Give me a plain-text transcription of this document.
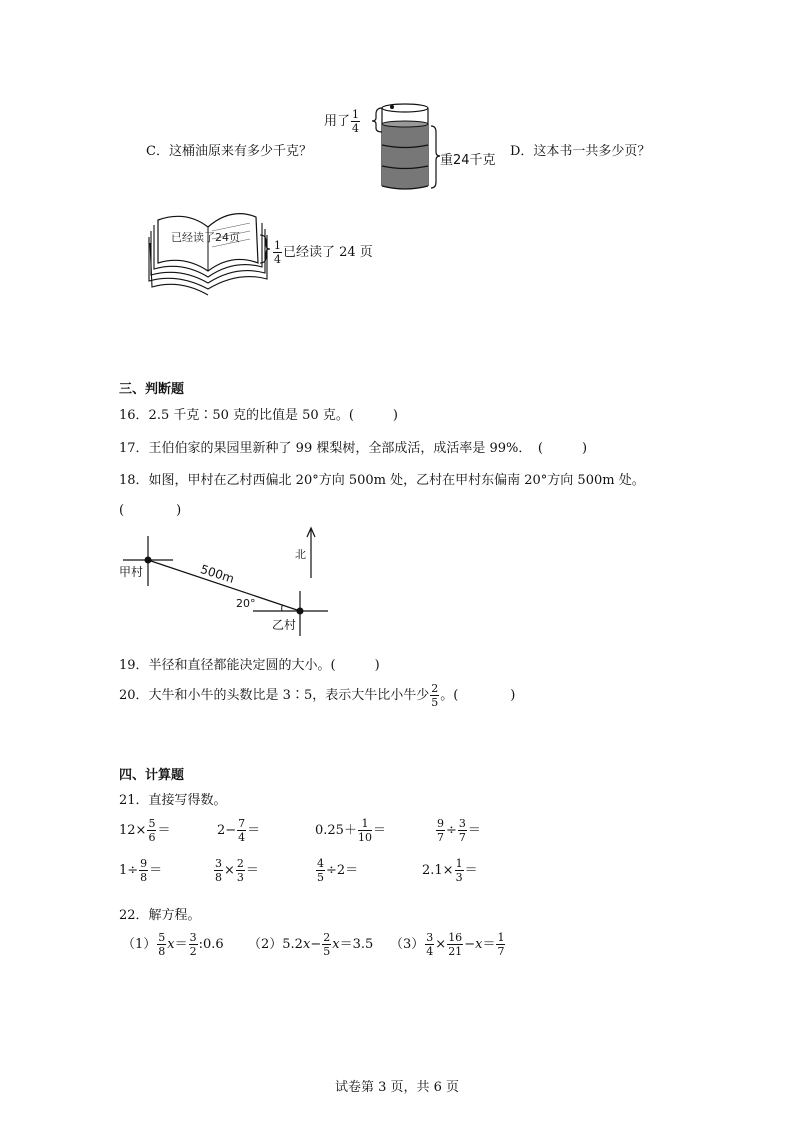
C．这桶油原来有多少千克？	D．这本书一共多少页？
用了 $\frac{1}{4}$
重24千克
已经读了24页
$\frac{1}{4}$ 已经读了 24 页
三、判断题
16．2.5 千克∶50 克的比值是 50 克。(　　　)
17．王伯伯家的果园里新种了 99 棵梨树，全部成活，成活率是 99%．　(　　　)
18．如图，甲村在乙村西偏北 20°方向 500m 处，乙村在甲村东偏南 20°方向 500m 处。
(　　　　)
甲村
乙村
500m
20°
北
19．半径和直径都能决定圆的大小。(　　　)
20．大牛和小牛的头数比是 3∶5，表示大牛比小牛少 $\frac{2}{5}$ 。(　　　　)
四、计算题
21．直接写得数。
$12\times \frac{5}{6}$ ＝	$2- \frac{7}{4}$ ＝	$0.25+ \frac{1}{10}$ ＝	$\frac{9}{7} \div \frac{3}{7}$ ＝
$1\div \frac{9}{8}$ ＝	$\frac{3}{8} \times \frac{2}{3}$ ＝	$\frac{4}{5} \div 2=$	$2.1\times \frac{1}{3}$ ＝
22．解方程。
$(1) \frac{5}{8} x= \frac{3}{2}$ :0.6 $(2)5.2x- \frac{2}{5} x=3.5$ $(3) \frac{3}{4} \times \frac{16}{21} -x= \frac{1}{7}$
试卷第 3 页，共 6 页
